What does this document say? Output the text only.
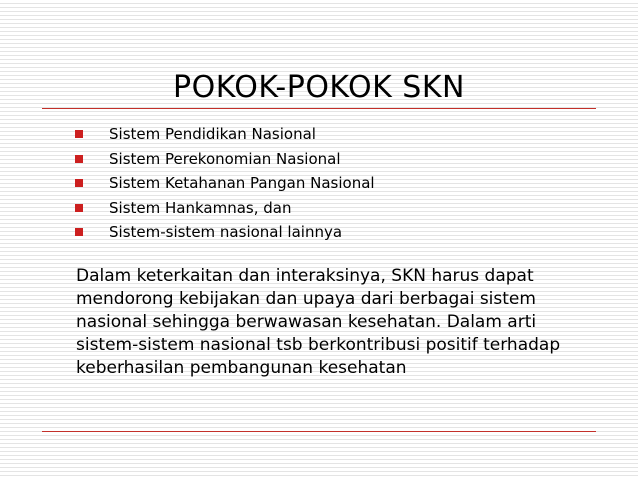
POKOK-POKOK SKN
Sistem Pendidikan Nasional
Sistem Perekonomian Nasional
Sistem Ketahanan Pangan Nasional
Sistem Hankamnas, dan
Sistem-sistem nasional lainnya
Dalam keterkaitan dan interaksinya, SKN harus dapat
mendorong kebijakan dan upaya dari berbagai sistem
nasional sehingga berwawasan kesehatan. Dalam arti
sistem-sistem nasional tsb berkontribusi positif terhadap
keberhasilan pembangunan kesehatan
